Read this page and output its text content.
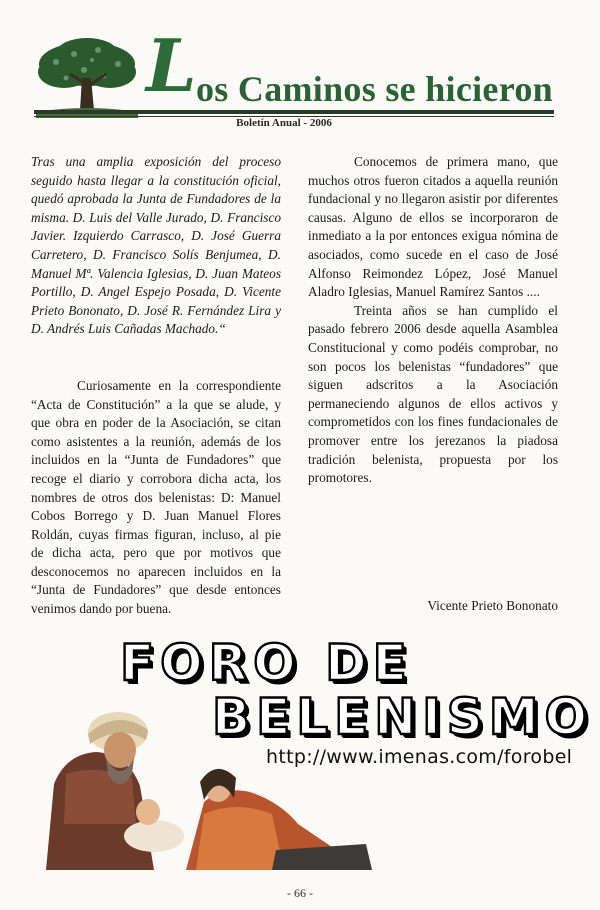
L os Caminos se hicieron
Boletín Anual - 2006

Tras una amplia exposición del proceso seguido hasta llegar a la constitución oficial, quedó aprobada la Junta de Fundadores de la misma. D. Luis del Valle Jurado, D. Francisco Javier. Izquierdo Carrasco, D. José Guerra Carretero, D. Francisco Solís Benjumea, D. Manuel Mª. Valencia Iglesias, D. Juan Mateos Portillo, D. Angel Espejo Posada, D. Vicente Prieto Bononato, D. José R. Fernández Lira y D. Andrés Luis Cañadas Machado.“

Curiosamente en la correspondiente “Acta de Constitución” a la que se alude, y que obra en poder de la Asociación, se citan como asistentes a la reunión, además de los incluidos en la “Junta de Fundadores” que recoge el diario y corrobora dicha acta, los nombres de otros dos belenistas: D: Manuel Cobos Borrego y D. Juan Manuel Flores Roldán, cuyas firmas figuran, incluso, al pie de dicha acta, pero que por motivos que desconocemos no aparecen incluidos en la “Junta de Fundadores” que desde entonces venimos dando por buena.

Conocemos de primera mano, que muchos otros fueron citados a aquella reunión fundacional y no llegaron asistir por diferentes causas. Alguno de ellos se incorporaron de inmediato a la por entonces exigua nómina de asociados, como sucede en el caso de José Alfonso Reimondez López, José Manuel Aladro Iglesias, Manuel Ramírez Santos ....

Treinta años se han cumplido el pasado febrero 2006 desde aquella Asamblea Constitucional y como podéis comprobar, no son pocos los belenistas “fundadores” que siguen adscritos a la Asociación permaneciendo algunos de ellos activos y comprometidos con los fines fundacionales de promover entre los jerezanos la piadosa tradición belenista, propuesta por los promotores.

Vicente Prieto Bononato
FORO DE
BELENISMO
http://www.imenas.com/forobel
- 66 -
